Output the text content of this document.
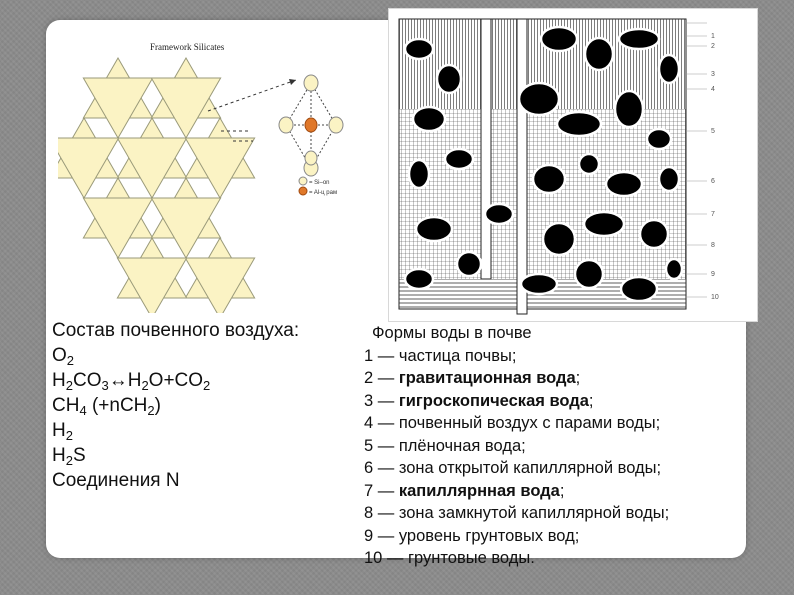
Framework Silicates
= Si–on
= Al-ц рам
1
2
3
4
5
6
7
8
9
10
Состав почвенного воздуха:
$O_2$
$H_2CO_3\leftrightarrow H_2O+CO_2$
$CH_4$ (+nCH$_2$)
$H_2$
$H_2S$
Соединения N
Формы воды в почве
1 — частица почвы;
2 — гравитационная вода;
3 — гигроскопическая вода;
4 — почвенный воздух с парами воды;
5 — плёночная вода;
6 — зона открытой капиллярной воды;
7 — капиллярнная вода;
8 — зона замкнутой капиллярной воды;
9 — уровень грунтовых вод;
10 — грунтовые воды.
